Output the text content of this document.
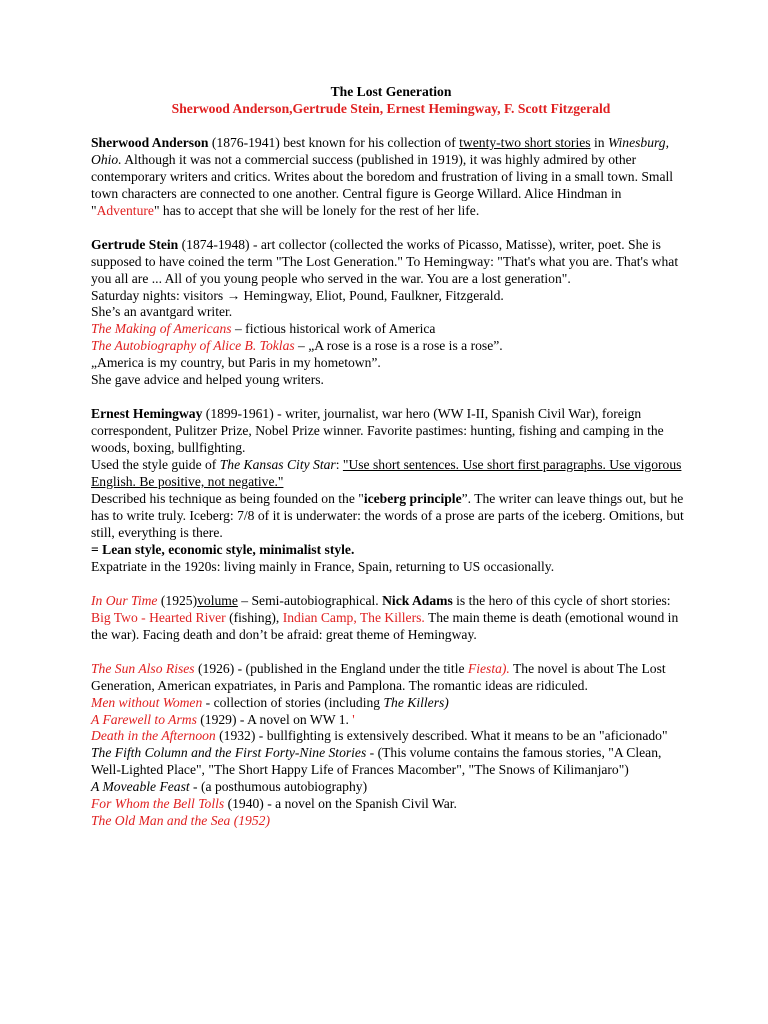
The Lost Generation

Sherwood Anderson,Gertrude Stein, Ernest Hemingway, F. Scott Fitzgerald

Sherwood Anderson (1876-1941) best known for his collection of twenty-two short stories in Winesburg, Ohio. Although it was not a commercial success (published in 1919), it was highly admired by other contemporary writers and critics. Writes about the boredom and frustration of living in a small town. Small town characters are connected to one another. Central figure is George Willard. Alice Hindman in "Adventure" has to accept that she will be lonely for the rest of her life.

Gertrude Stein (1874-1948) - art collector (collected the works of Picasso, Matisse), writer, poet. She is supposed to have coined the term "The Lost Generation." To Hemingway: "That's what you are. That's what you all are ... All of you young people who served in the war. You are a lost generation".

Saturday nights: visitors → Hemingway, Eliot, Pound, Faulkner, Fitzgerald.

She’s an avantgard writer.

The Making of Americans – fictious historical work of America

The Autobiography of Alice B. Toklas – „A rose is a rose is a rose is a rose”.

„America is my country, but Paris in my hometown”.

She gave advice and helped young writers.

Ernest Hemingway (1899-1961) - writer, journalist, war hero (WW I-II, Spanish Civil War), foreign correspondent, Pulitzer Prize, Nobel Prize winner. Favorite pastimes: hunting, fishing and camping in the woods, boxing, bullfighting.

Used the style guide of The Kansas City Star: "Use short sentences. Use short first paragraphs. Use vigorous English. Be positive, not negative."

Described his technique as being founded on the "iceberg principle”. The writer can leave things out, but he has to write truly. Iceberg: 7/8 of it is underwater: the words of a prose are parts of the iceberg. Omitions, but still, everything is there.

= Lean style, economic style, minimalist style.

Expatriate in the 1920s: living mainly in France, Spain, returning to US occasionally.

In Our Time (1925)volume – Semi-autobiographical. Nick Adams is the hero of this cycle of short stories: Big Two - Hearted River (fishing), Indian Camp, The Killers. The main theme is death (emotional wound in the war). Facing death and don’t be afraid: great theme of Hemingway.

The Sun Also Rises (1926) - (published in the England under the title Fiesta). The novel is about The Lost Generation, American expatriates, in Paris and Pamplona. The romantic ideas are ridiculed.

Men without Women - collection of stories (including The Killers)

A Farewell to Arms (1929) - A novel on WW 1. '

Death in the Afternoon (1932) - bullfighting is extensively described. What it means to be an "aficionado"

The Fifth Column and the First Forty-Nine Stories - (This volume contains the famous stories, "A Clean, Well-Lighted Place", "The Short Happy Life of Frances Macomber", "The Snows of Kilimanjaro")

A Moveable Feast - (a posthumous autobiography)

For Whom the Bell Tolls (1940) - a novel on the Spanish Civil War.

The Old Man and the Sea (1952)
